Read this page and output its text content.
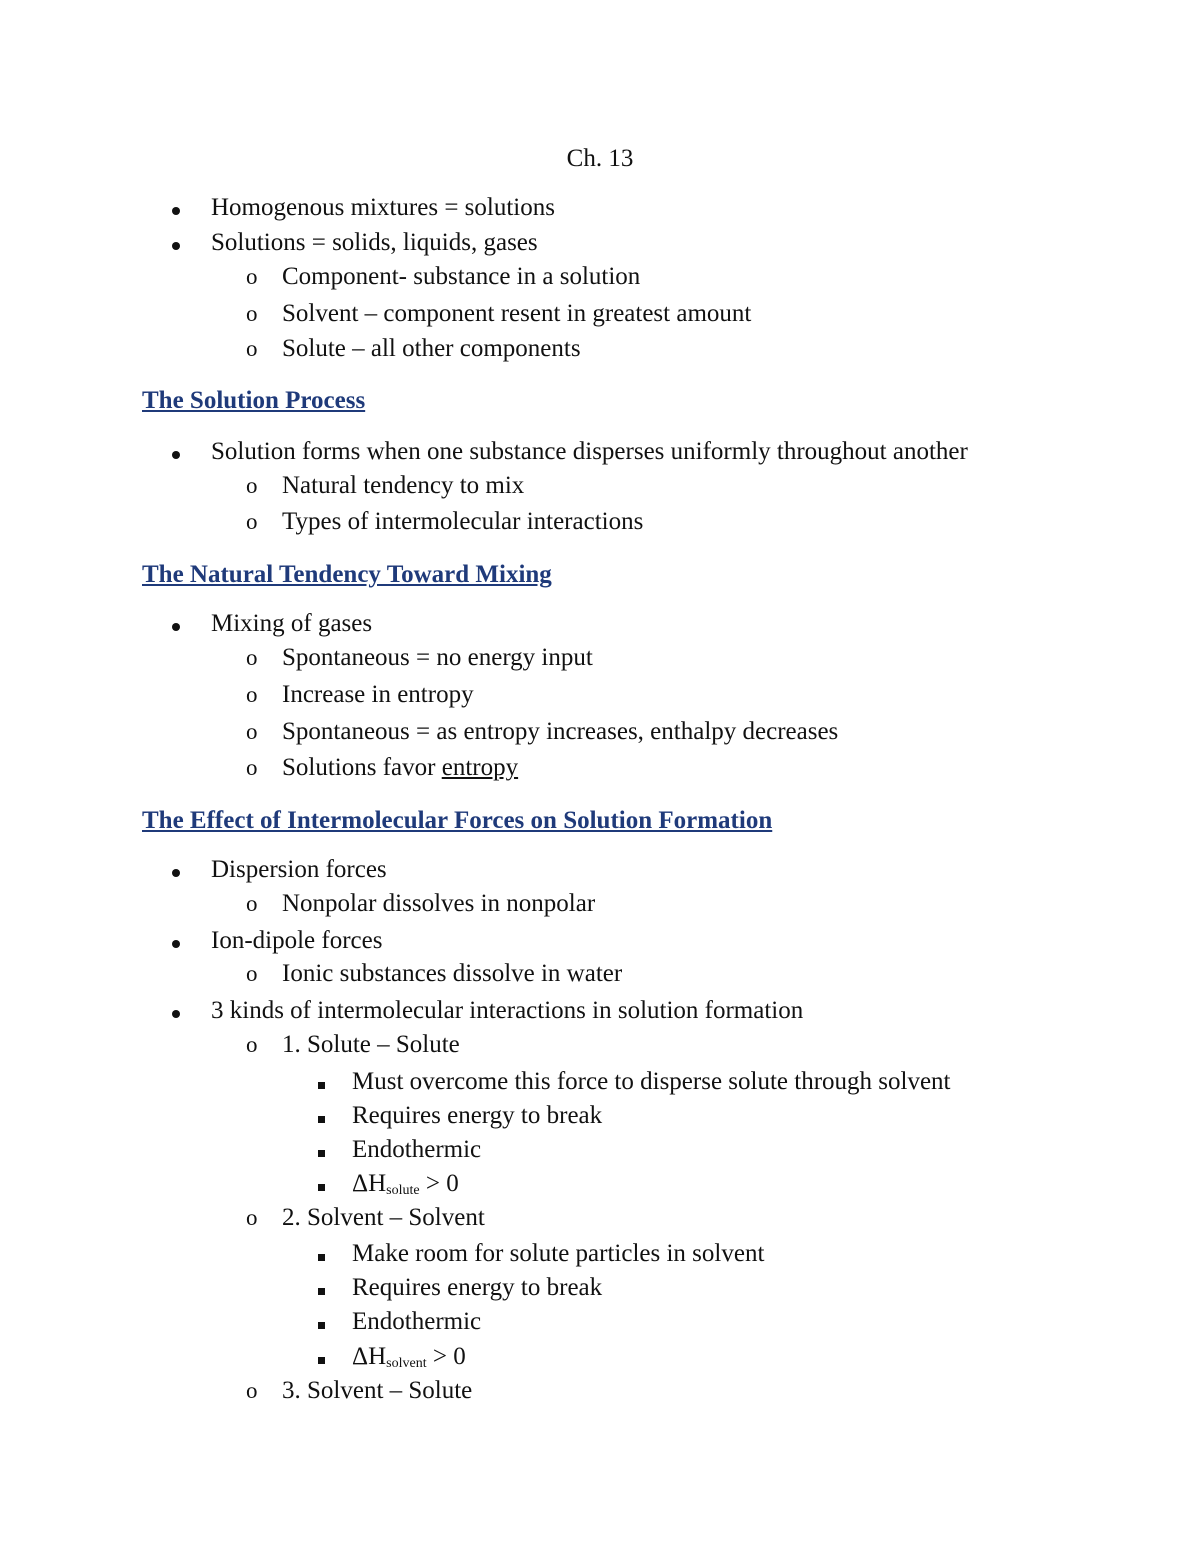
Ch. 13
Homogenous mixtures = solutions
Solutions = solids, liquids, gases
o Component- substance in a solution
o Solvent – component resent in greatest amount
o Solute – all other components
The Solution Process
Solution forms when one substance disperses uniformly throughout another
o Natural tendency to mix
o Types of intermolecular interactions
The Natural Tendency Toward Mixing
Mixing of gases
o Spontaneous = no energy input
o Increase in entropy
o Spontaneous = as entropy increases, enthalpy decreases
o Solutions favor entropy
The Effect of Intermolecular Forces on Solution Formation
Dispersion forces
o Nonpolar dissolves in nonpolar
Ion-dipole forces
o Ionic substances dissolve in water
3 kinds of intermolecular interactions in solution formation
o 1. Solute – Solute
Must overcome this force to disperse solute through solvent
Requires energy to break
Endothermic
$\Delta H_{solute} > 0$
o 2. Solvent – Solvent
Make room for solute particles in solvent
Requires energy to break
Endothermic
$\Delta H_{solvent} > 0$
o 3. Solvent – Solute
